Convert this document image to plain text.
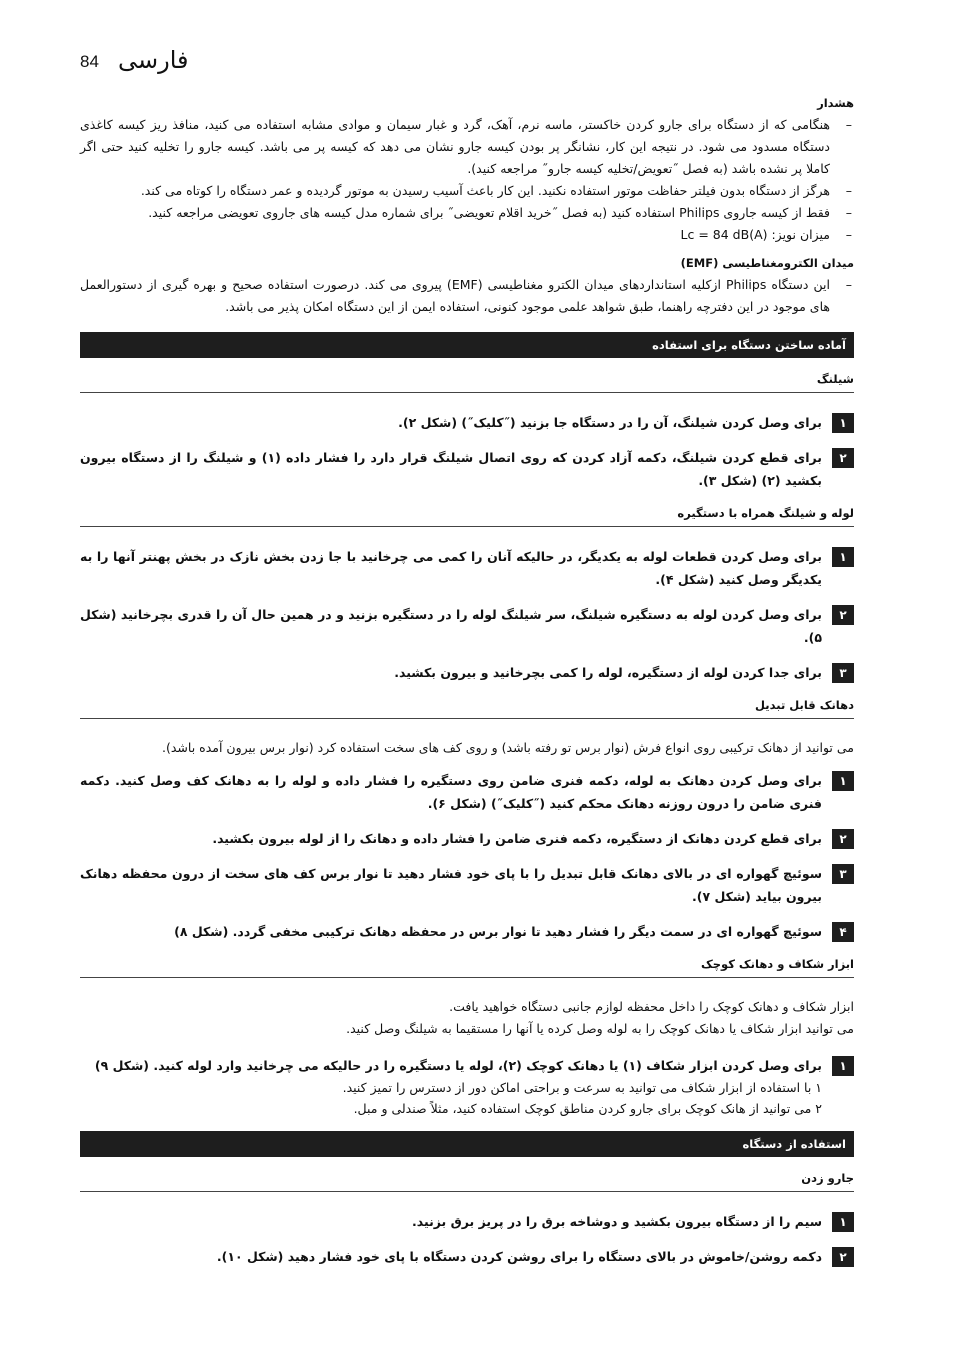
84 فارسی
هشدار
–
هنگامی که از دستگاه برای جارو کردن خاکستر، ماسه نرم، آهک، گرد و غبار سیمان و موادی مشابه استفاده می کنید، منافذ ریز کیسه کاغذی دستگاه مسدود می شود. در نتیجه این کار، نشانگر پر بودن کیسه جارو نشان می دهد که کیسه پر می باشد. کیسه جارو را تخلیه کنید حتی اگر کاملا پر نشده باشد (به فصل ˝تعویض/تخلیه کیسه جارو˝ مراجعه کنید).
–
هرگز از دستگاه بدون فیلتر حفاظت موتور استفاده نکنید. این کار باعث آسیب رسیدن به موتور گردیده و عمر دستگاه را کوتاه می کند.
–
فقط از کیسه جاروی Philips استفاده کنید (به فصل ˝خرید اقلام تعویضی˝ برای شماره مدل کیسه های جاروی تعویضی مراجعه کنید.
–
میزان نویز: Lc = 84 dB(A)
میدان الکترومغناطیسی (EMF)
–
این دستگاه Philips ازکلیه استانداردهای میدان الکترو مغناطیسی (EMF) پیروی می کند. درصورت استفاده صحیح و بهره گیری از دستورالعمل های موجود در این دفترچه راهنما، طبق شواهد علمی موجود کنونی، استفاده ایمن از این دستگاه امکان پذیر می باشد.
آماده ساختن دستگاه برای استفاده
شیلنگ
۱
برای وصل کردن شیلنگ، آن را در دستگاه جا بزنید (˝کلیک˝) (شکل ۲).
۲
برای قطع کردن شیلنگ، دکمه آزاد کردن که روی اتصال شیلنگ قرار دارد را فشار داده (۱) و شیلنگ را از دستگاه بیرون بکشید (۲) (شکل ۳).
لوله و شیلنگ همراه با دستگیره
۱
برای وصل کردن قطعات لوله به یکدیگر، در حالیکه آنان را کمی می چرخانید با جا زدن بخش نازک در بخش پهنتر آنها را به یکدیگر وصل کنید (شکل ۴).
۲
برای وصل کردن لوله به دستگیره شیلنگ، سر شیلنگ لوله را در دستگیره بزنید و در همین حال آن را قدری بچرخانید (شکل ۵).
۳
برای جدا کردن لوله از دستگیره، لوله را کمی بچرخانید و بیرون بکشید.
دهانک قابل تبدیل
می توانید از دهانک ترکیبی روی انواع فرش (نوار برس تو رفته باشد) و روی کف های سخت استفاده کرد (نوار برس بیرون آمده باشد).
۱
برای وصل کردن دهانک به لوله، دکمه فنری ضامن روی دستگیره را فشار داده و لوله را به دهانک کف وصل کنید. دکمه فنری ضامن را درون روزنه دهانک محکم کنید (˝کلیک˝) (شکل ۶).
۲
برای قطع کردن دهانک از دستگیره، دکمه فنری ضامن را فشار داده و دهانک را از لوله بیرون بکشید.
۳
سوئیچ گهواره ای در بالای دهانک قابل تبدیل را با پای خود فشار دهید تا نوار برس کف های سخت از درون محفظه دهانک بیرون بیاید (شکل ۷).
۴
سوئیچ گهواره ای در سمت دیگر را فشار دهید تا نوار برس در محفظه دهانک ترکیبی مخفی گردد. (شکل ۸)
ابزار شکاف و دهانک کوچک
ابزار شکاف و دهانک کوچک را داخل محفظه لوازم جانبی دستگاه خواهید یافت.
می توانید ابزار شکاف یا دهانک کوچک را به لوله وصل کرده یا آنها را مستقیما به شیلنگ وصل کنید.
۱
برای وصل کردن ابزار شکاف (۱) یا دهانک کوچک (۲)، لوله یا دستگیره را در حالیکه می چرخانید وارد لوله کنید. (شکل ۹)
۱ با استفاده از ابزار شکاف می توانید به سرعت و براحتی اماکن دور از دسترس را تمیز کنید.
۲ می توانید از هانک کوچک برای جارو کردن مناطق کوچک استفاده کنید، مثلاً صندلی و مبل.
استفاده از دستگاه
جارو زدن
۱
سیم را از دستگاه بیرون بکشید و دوشاخه برق را در پریز برق بزنید.
۲
دکمه روشن/خاموش در بالای دستگاه را برای روشن کردن دستگاه با پای خود فشار دهید (شکل ۱۰).
